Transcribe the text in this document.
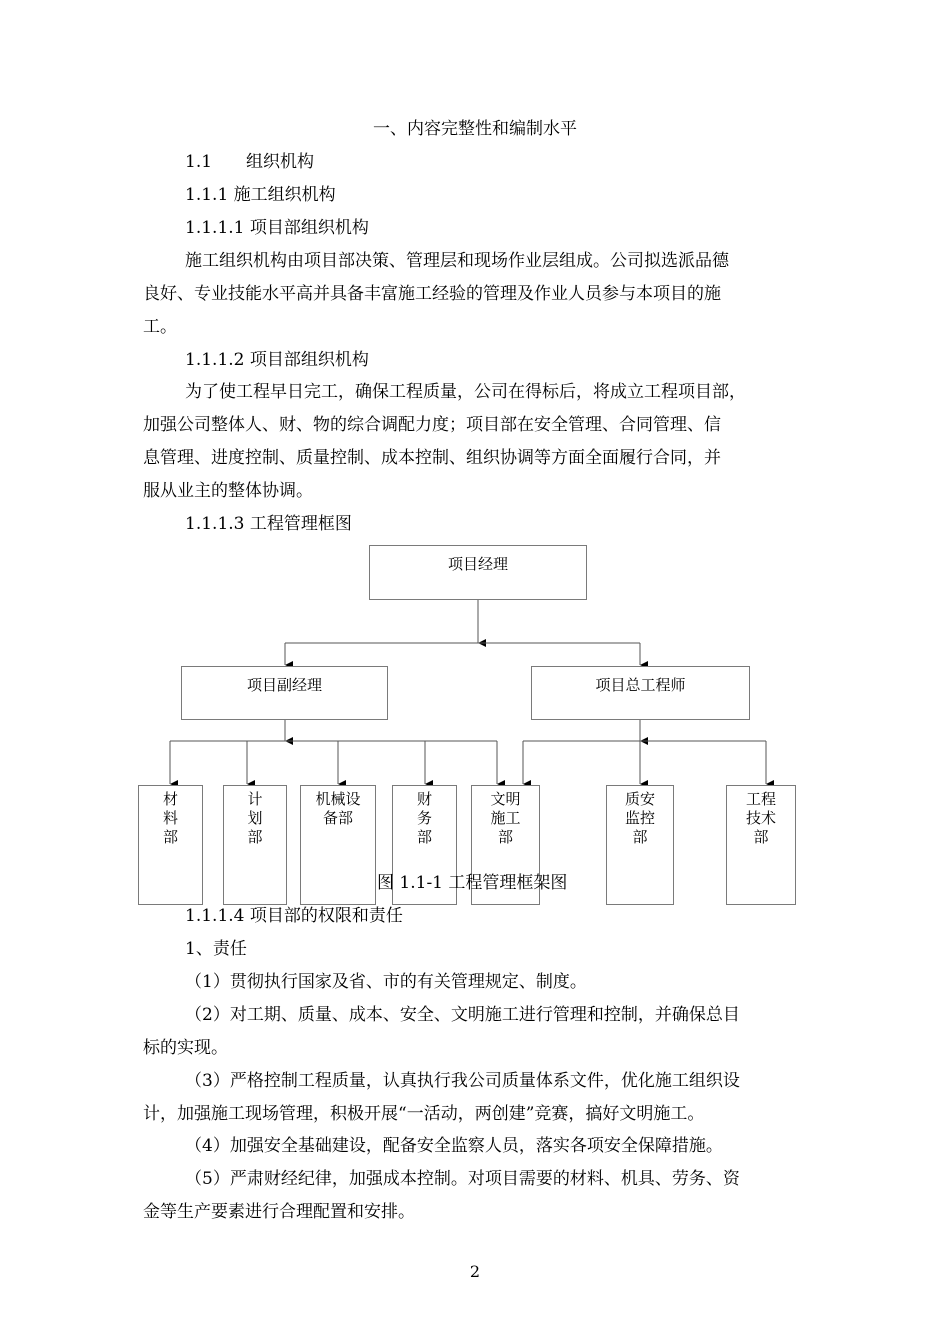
一、内容完整性和编制水平
1.1　　组织机构
1.1.1 施工组织机构
1.1.1.1 项目部组织机构
施工组织机构由项目部决策、管理层和现场作业层组成。公司拟选派品德
良好、专业技能水平高并具备丰富施工经验的管理及作业人员参与本项目的施
工。
1.1.1.2 项目部组织机构
为了使工程早日完工，确保工程质量，公司在得标后，将成立工程项目部，
加强公司整体人、财、物的综合调配力度；项目部在安全管理、合同管理、信
息管理、进度控制、质量控制、成本控制、组织协调等方面全面履行合同，并
服从业主的整体协调。
1.1.1.3 工程管理框图
项目经理
项目副经理	项目总工程师
材
料
部
计
划
部
机械设
备部
财
务
部
文明
施工
部
质安
监控
部
工程
技术
部
图 1.1-1 工程管理框架图
1.1.1.4 项目部的权限和责任
1、责任
（1）贯彻执行国家及省、市的有关管理规定、制度。
（2）对工期、质量、成本、安全、文明施工进行管理和控制，并确保总目
标的实现。
（3）严格控制工程质量，认真执行我公司质量体系文件，优化施工组织设
计，加强施工现场管理，积极开展“一活动，两创建”竞赛，搞好文明施工。
（4）加强安全基础建设，配备安全监察人员，落实各项安全保障措施。
（5）严肃财经纪律，加强成本控制。对项目需要的材料、机具、劳务、资
金等生产要素进行合理配置和安排。
2
